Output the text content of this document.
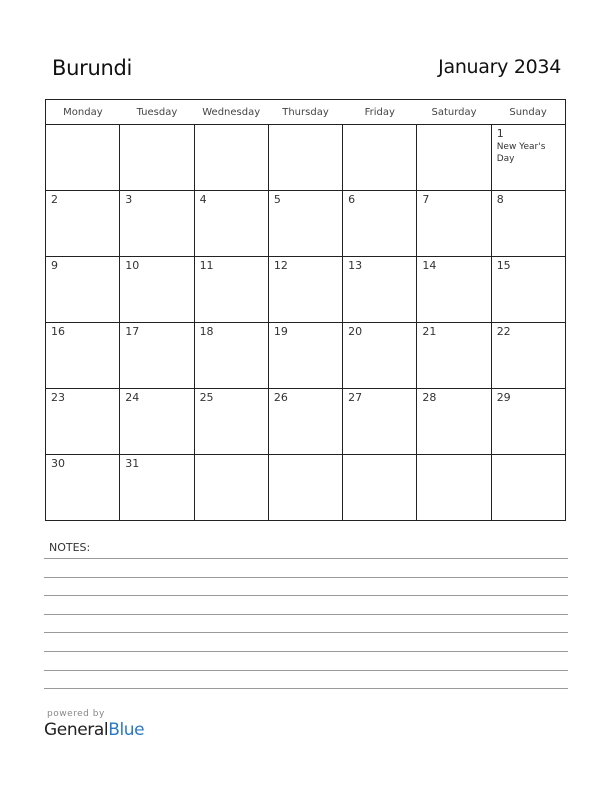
Burundi	January 2034
Monday	Tuesday	Wednesday	Thursday	Friday	Saturday	Sunday

						1
New Year's Day

2	3	4	5	6	7	8

9	10	11	12	13	14	15

16	17	18	19	20	21	22

23	24	25	26	27	28	29

30	31					

NOTES:
powered by
GeneralBlue
